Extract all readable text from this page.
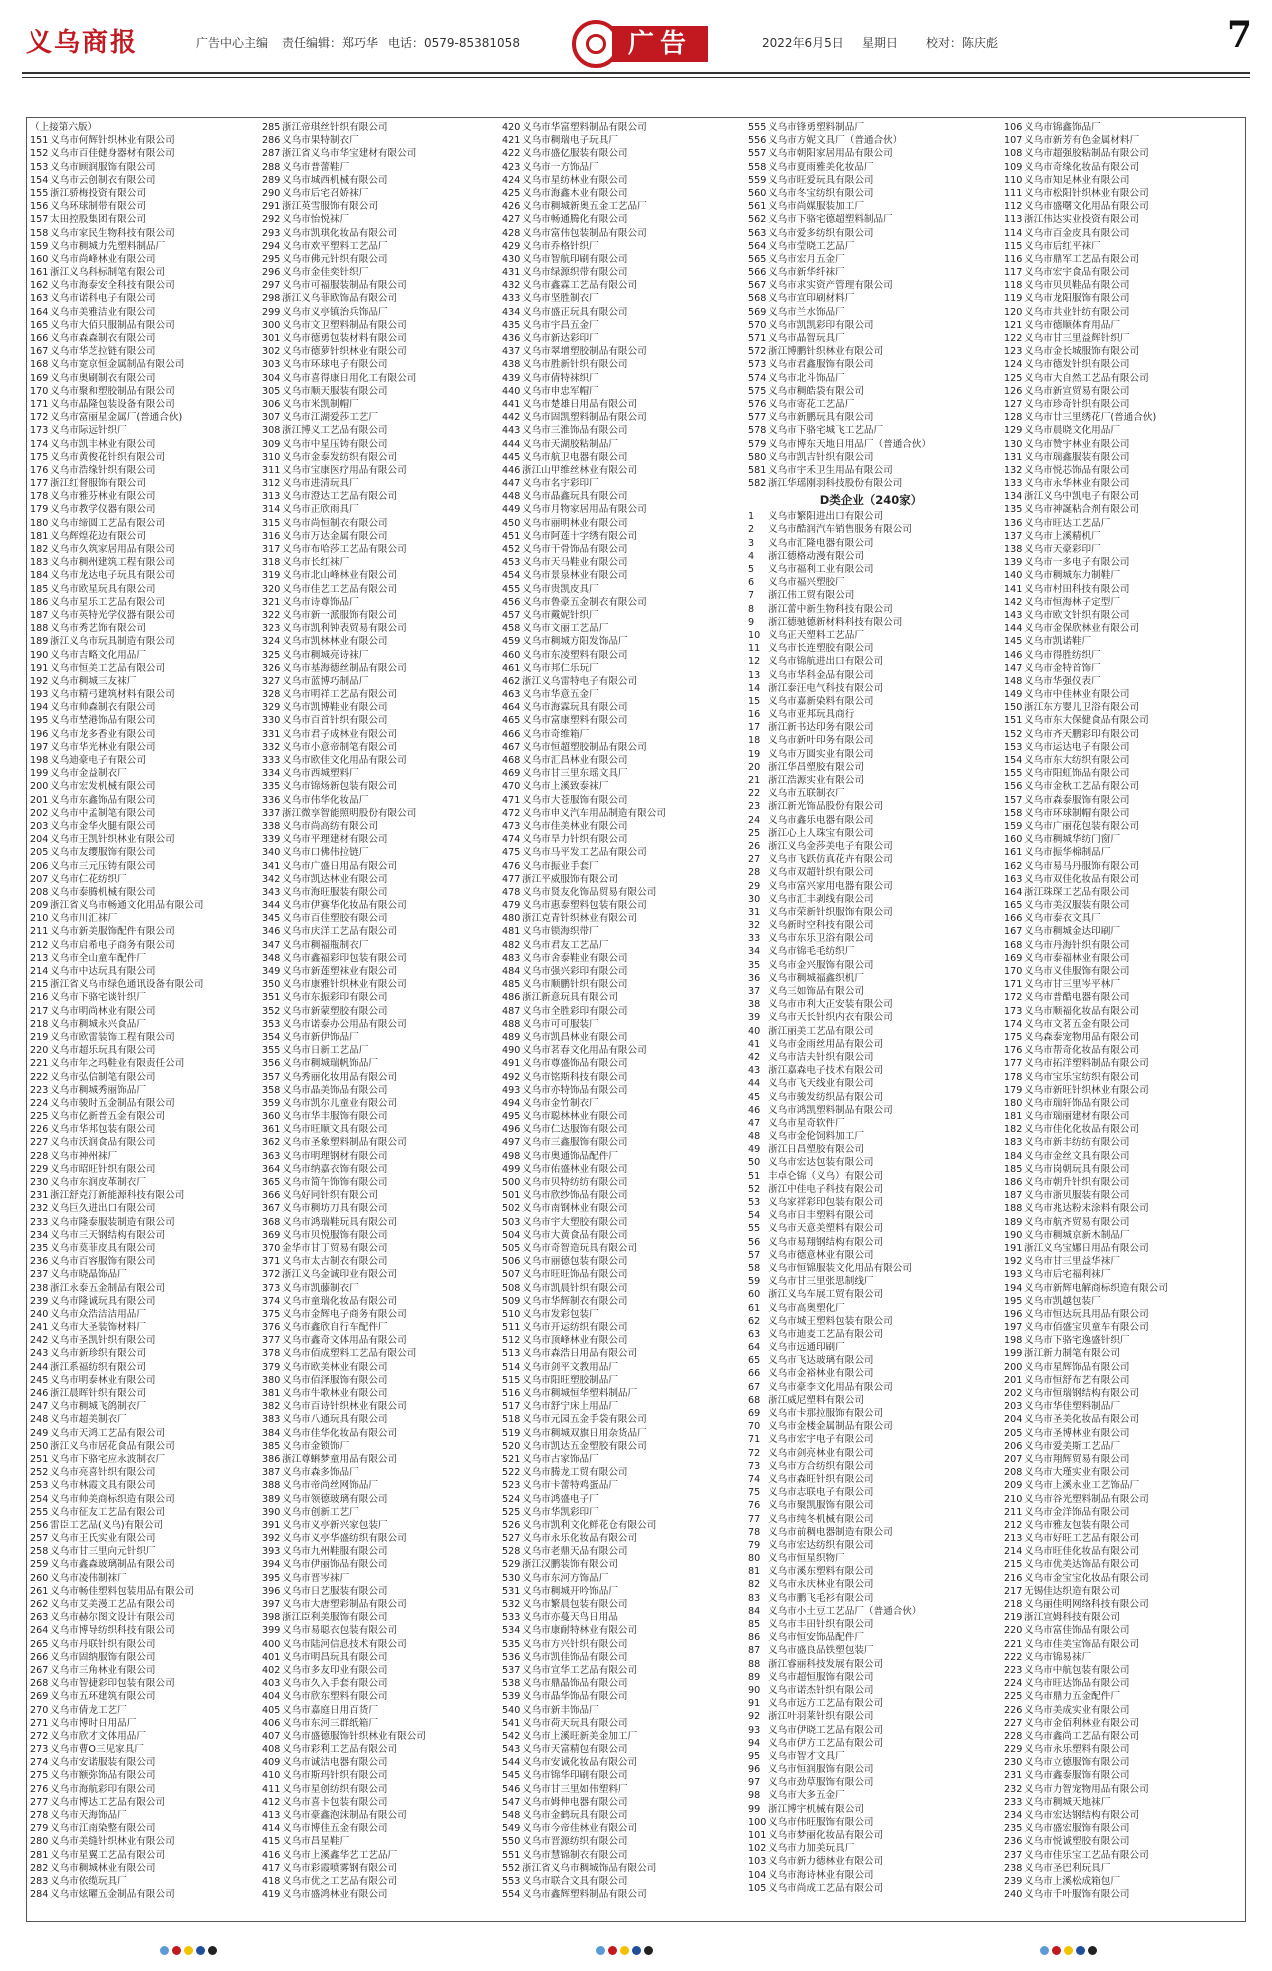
义乌商报	广告中心主编 责任编辑：郑巧华 电话：0579-85381058	广告	2022年6月5日 星期日 校对：陈庆彪	7
（上接第六版）
151 义乌市何辉针织林业有限公司
152 义乌市百佳健身器材有限公司
153 义乌市顾润服饰有限公司
154 义乌市云创制衣有限公司
155 浙江骄梅投资有限公司
156 义乌环球制带有限公司
157 太田控股集团有限公司
158 义乌市家民生物科技有限公司
159 义乌市稠城力先塑料制品厂
160 义乌市尚峰林业有限公司
161 浙江义乌科标制笔有限公司
162 义乌市海泰安全科技有限公司
163 义乌市诺科电子有限公司
164 义乌市美雅洁业有限公司
165 义乌市大佰只服制品有限公司
166 义乌市森森制衣有限公司
167 义乌市华芝拉链有限公司
168 义乌市宽京恒金属制品有限公司
169 义乌市奥刷制衣有限公司
170 义乌市聚和塑胶制品有限公司
171 义乌市晶隆包装设备有限公司
172 义乌市富丽星金属厂(普通合伙)
173 义乌市际远针织厂
174 义乌市凯丰林业有限公司
175 义乌市黄俊花针织有限公司
176 义乌市浩缘针织有限公司
177 浙江红督服饰有限公司
178 义乌市雅芬林业有限公司
179 义乌市教学仪器有限公司
180 义乌市缔圆工艺品有限公司
181 义乌辉煌花边有限公司
182 义乌市久筑家居用品有限公司
183 义乌市稠州建筑工程有限公司
184 义乌市龙达电子玩具有限公司
185 义乌市欧星玩具有限公司
186 义乌市星乐工艺品有限公司
187 义乌市英特光学仪器有限公司
188 义乌市秀艺饰有限公司
189 浙江义乌市玩具制造有限公司
190 义乌市吉略文化用品厂
191 义乌市恒美工艺品有限公司
192 义乌市稠城三友袜厂
193 义乌市精弓建筑材料有限公司
194 义乌市帅森制衣有限公司
195 义乌市埜港饰品有限公司
196 义乌市龙多香业有限公司
197 义乌市华光林业有限公司
198 义乌迪豪电子有限公司
199 义乌市金益制衣厂
200 义乌市宏发机械有限公司
201 义乌市东鑫饰品有限公司
202 义乌市中孟制笔有限公司
203 义乌市金华火腿有限公司
204 义乌市王凯针织林业有限公司
205 义乌市友缨服饰有限公司
206 义乌市三元压铸有限公司
207 义乌市仁花纺织厂
208 义乌市泰腾机械有限公司
209 浙江省义乌市畅通文化用品有限公司
210 义乌市川汇袜厂
211 义乌市新美服饰配件有限公司
212 义乌市启希电子商务有限公司
213 义乌市全山童车配件厂
214 义乌市中达玩具有限公司
215 浙江省义乌市绿色通讯设备有限公司
216 义乌市下骆宅谈针织厂
217 义乌市明尚林业有限公司
218 义乌市稠城永兴食品厂
219 义乌市欧雷装饰工程有限公司
220 义乌市超乐玩具有限公司
221 义乌市年之玛鞋业有限责任公司
222 义乌市弘信制笔有限公司
223 义乌市稠城秀丽饰品厂
224 义乌市骏时五金制品有限公司
225 义乌市亿新普五金有限公司
226 义乌市华邦包装有限公司
227 义乌市沃润食品有限公司
228 义乌市神州袜厂
229 义乌市昭旺针织有限公司
230 义乌市东润皮革制衣厂
231 浙江舒克汀新能源科技有限公司
232 义乌巨久进出口有限公司
233 义乌市隆泰服装制造有限公司
234 义乌市三天钢结构有限公司
235 义乌市莫菲皮具有限公司
236 义乌市百容服饰有限公司
237 义乌市晓晶饰品厂
238 浙江永泰五金制品有限公司
239 义乌市隆诚玩具有限公司
240 义乌市众浩洁洁用品厂
241 义乌市大圣装饰材料厂
242 义乌市圣凯针织有限公司
243 义乌市新珍织有限公司
244 浙江系福纺织有限公司
245 义乌市明泰林业有限公司
246 浙江晨晖针织有限公司
247 义乌市稠城飞鸽制衣厂
248 义乌市超美制衣厂
249 义乌市天鸿工艺品有限公司
250 浙江义乌市居花食品有限公司
251 义乌市下骆宅应永波制衣厂
252 义乌市亮喜针织有限公司
253 义乌市林霞文具有限公司
254 义乌市帅美商标织造有限公司
255 义乌市征友工艺品有限公司
256 雷臣工艺品(义乌)有限公司
257 义乌市王氏实业有限公司
258 义乌市甘三里向元针织厂
259 义乌市鑫森玻璃制品有限公司
260 义乌市凌伟制袜厂
261 义乌市畅佳塑料包装用品有限公司
262 义乌市艾美漫工艺品有限公司
263 义乌市赫尔图文设计有限公司
264 义乌市博导纺织科技有限公司
265 义乌市丹联针织有限公司
266 义乌市固纳服饰有限公司
267 义乌市三角林业有限公司
268 义乌市智捷彩印包装有限公司
269 义乌市五环建筑有限公司
270 义乌市倩龙工艺厂
271 义乌市博时日用品厂
272 义乌市欣才文体用品厂
273 义乌市曹O三见家具厂
274 义乌市安诺服装有限公司
275 义乌市额弥饰品有限公司
276 义乌市海航彩印有限公司
277 义乌市博达工艺品有限公司
278 义乌市天海饰品厂
279 义乌市江南染整有限公司
280 义乌市美缝针织林业有限公司
281 义乌市星翼工艺品有限公司
282 义乌市稠城林业有限公司
283 义乌市依缆玩具厂
284 义乌市炫曜五金制品有限公司
285 浙江帝琪丝针织有限公司
286 义乌市果特制衣厂
287 浙江省义乌市华宝建材有限公司
288 义乌市普蕾鞋厂
289 义乌市城西机械有限公司
290 义乌市后宅召娇袜厂
291 浙江英雪服饰有限公司
292 义乌市怡悦袜厂
293 义乌市凯琪化妆品有限公司
294 义乌市欢平塑料工艺品厂
295 义乌市佛元针织有限公司
296 义乌市金佳奕针织厂
297 义乌市可福服装制品有限公司
298 浙江义乌菲欧饰品有限公司
299 义乌市义亭镇治兵饰品厂
300 义乌市文卫塑料制品有限公司
301 义乌市德勇包装材料有限公司
302 义乌市德萝针织林业有限公司
303 义乌市环球电子有限公司
304 义乌市喜得康日用化工有限公司
305 义乌市顺天服装有限公司
306 义乌市米凯制帽厂
307 义乌市江湖爱莎工艺厂
308 浙江博义工艺品有限公司
309 义乌市中星压铸有限公司
310 义乌市金泰发纺织有限公司
311 义乌市宝康医疗用品有限公司
312 义乌市进清玩具厂
313 义乌市澄达工艺品有限公司
314 义乌市正欣雨具厂
315 义乌市尚恒制衣有限公司
316 义乌市万达金属有限公司
317 义乌市布哈莎工艺品有限公司
318 义乌市长红袜厂
319 义乌市北山峰林业有限公司
320 义乌市佳艺工艺品有限公司
321 义乌市诗尊饰品厂
322 义乌市新一派服饰有限公司
323 义乌市凯利钟表贸易有限公司
324 义乌市凯林林业有限公司
325 义乌市稠城亮诗袜厂
326 义乌市基海德丝制品有限公司
327 义乌市蓝博巧制品厂
328 义乌市明祥工艺品有限公司
329 义乌市凯博鞋业有限公司
330 义乌市百首针织有限公司
331 义乌市君子成林业有限公司
332 义乌市小意帝制笔有限公司
333 义乌市欧佳文化用品有限公司
334 义乌市西城塑料厂
335 义乌市锦炀新包装有限公司
336 义乌市伟华化妆品厂
337 浙江微享智能照明股份有限公司
338 义乌市尚高纺有限公司
339 义乌市平理建材有限公司
340 义乌市口佛伟拉链厂
341 义乌市广盛日用品有限公司
342 义乌市凯达林业有限公司
343 义乌市海旺服装有限公司
344 义乌市伊赛华化妆品有限公司
345 义乌市百佳塑胶有限公司
346 义乌市庆洋工艺品有限公司
347 义乌市稠福瓶制衣厂
348 义乌市鑫福彩印包装有限公司
349 义乌市新莲塑袜业有限公司
350 义乌市康雅针织林业有限公司
351 义乌市东振彩印有限公司
352 义乌市新蒙塑胶有限公司
353 义乌市诺泰办公用品有限公司
354 义乌市新伊饰品厂
355 义乌市日新工艺品厂
356 义乌市稠城瑞帆饰品厂
357 义乌秀丽化妆用品有限公司
358 义乌市晶美饰品有限公司
359 义乌市凯尔儿童业有限公司
360 义乌市华丰服饰有限公司
361 义乌市旺顺文具有限公司
362 义乌市圣象塑料制品有限公司
363 义乌市明理钢材有限公司
364 义乌市纳嘉衣饰有限公司
365 义乌市简午饰饰有限公司
366 义乌好同针织有限公司
367 义乌市稠坊刀具有限公司
368 义乌市鸿瑞鞋玩具有限公司
369 义乌市贝悦服饰有限公司
370 金华市甘丁贸易有限公司
371 义乌市太古制衣有限公司
372 浙江义乌金诚印业有限公司
373 义乌市凯藤制衣厂
374 义乌市童瑞化妆品有限公司
375 义乌市金辉电子商务有限公司
376 义乌市鑫欣自行车配件厂
377 义乌市鑫奇文体用品有限公司
378 义乌市佰成塑料工艺品有限公司
379 义乌市欧美林业有限公司
380 义乌市佰泽服饰有限公司
381 义乌市牛歌林业有限公司
382 义乌市百诗针织林业有限公司
383 义乌市八通玩具有限公司
384 义乌市佳华化妆品有限公司
385 义乌市金锁饰厂
386 浙江尊蝌梦童用品有限公司
387 义乌市森多饰品厂
388 义乌市帝尚丝网饰品厂
389 义乌市领德玻璃有限公司
390 义乌市创新工艺厂
391 义乌市义亭新兴家包装厂
392 义乌市义亭华盛纺织有限公司
393 义乌市九州鞋服有限公司
394 义乌市伊丽饰品有限公司
395 义乌市晋岑袜厂
396 义乌市日艺服装有限公司
397 义乌市大唐塑彩制品有限公司
398 浙江臣利美服饰有限公司
399 义乌市易聪衣包装有限公司
400 义乌市陆河信息技术有限公司
401 义乌市明昌玩具有限公司
402 义乌市多友印业有限公司
403 义乌市久入手套有限公司
404 义乌市欣东塑料有限公司
405 义乌市嘉庭日用百货厂
406 义乌市东河三群纸箱厂
407 义乌市盛德服饰针织林业有限公司
408 义乌市彩利工艺品有限公司
409 义乌市诚洁电器有限公司
410 义乌市斯玛针织有限公司
411 义乌市星创纺织有限公司
412 义乌市喜卡包装有限公司
413 义乌市豪鑫泡沫制品有限公司
414 义乌市博佳五金有限公司
415 义乌市昌星鞋厂
416 义乌市上溪鑫华艺工艺品厂
417 义乌市彩霞喷雾钢有限公司
418 义乌市优之工艺品有限公司
419 义乌市盛鸿林业有限公司
420 义乌市华富塑料制品有限公司
421 义乌市稠瑞电子玩具厂
422 义乌市盛亿服装有限公司
423 义乌市一方饰品厂
424 义乌市星纺林业有限公司
425 义乌市海鑫木业有限公司
426 义乌市稠城新奥五金工艺品厂
427 义乌市畅通腾化有限公司
428 义乌市富伟包装制品有限公司
429 义乌市乔格针织厂
430 义乌市智航印刷有限公司
431 义乌市绿源织带有限公司
432 义乌市鑫霖工艺品有限公司
433 义乌市坚胜制衣厂
434 义乌市盛正玩具有限公司
435 义乌市宇昌五金厂
436 义乌市新达彩印厂
437 义乌市翠增塑胶制品有限公司
438 义乌市胜新针织有限公司
439 义乌市倩特袜织厂
440 义乌市申忠军帽厂
441 义乌市楚雄日用品有限公司
442 义乌市固凯塑料制品有限公司
443 义乌市三淮饰品有限公司
444 义乌市天湖胶粘制品厂
445 义乌市航卫电器有限公司
446 浙江山甲维丝林业有限公司
447 义乌市名宇彩印厂
448 义乌市晶鑫玩具有限公司
449 义乌市月物家居用品有限公司
450 义乌市丽明林业有限公司
451 义乌市阿莲十字绣有限公司
452 义乌市干骨饰品有限公司
453 义乌市天马鞋业有限公司
454 义乌市景泉林业有限公司
455 义乌市贵凯皮具厂
456 义乌市鲁豪五金制衣有限公司
457 义乌市戴妮针织厂
458 义乌市文丽工艺品厂
459 义乌市稠城方阳发饰品厂
460 义乌市东凌塑料有限公司
461 义乌市邦仁乐玩厂
462 浙江义乌雷特电子有限公司
463 义乌市华意五金厂
464 义乌市海霖玩具有限公司
465 义乌市富康塑料有限公司
466 义乌市奇维箱厂
467 义乌市恒超塑胶制品有限公司
468 义乌市汇昌林业有限公司
469 义乌市甘三里东瑶文具厂
470 义乌市上溪致泰袜厂
471 义乌市大苍服饰有限公司
472 义乌市申义汽车用品制造有限公司
473 义乌市佳美林业有限公司
474 义乌市旱力针织有限公司
475 义乌市马平发工艺品有限公司
476 义乌市振业手套厂
477 浙江平威服饰有限公司
478 义乌市贤友化饰品贸易有限公司
479 义乌市惠泰塑料包装有限公司
480 浙江克青针织林业有限公司
481 义乌市锁海织带厂
482 义乌市君友工艺品厂
483 义乌市舍泰鞋业有限公司
484 义乌市强兴彩印有限公司
485 义乌市顺鹏针织有限公司
486 浙江新意玩具有限公司
487 义乌市全胜彩印有限公司
488 义乌市可可服装厂
489 义乌市凯昌林业有限公司
490 义乌市茗春文化用品有限公司
491 义乌市尊盛饰品有限公司
492 义乌市铭斯科技有限公司
493 义乌市亦特饰品有限公司
494 义乌市金竹制衣厂
495 义乌市聪林林业有限公司
496 义乌市仁达服饰有限公司
497 义乌市三鑫服饰有限公司
498 义乌市奥通饰品配件厂
499 义乌市佑盛林业有限公司
500 义乌市贝特纺纺有限公司
501 义乌市欣纱饰品有限公司
502 义乌市南钢林业有限公司
503 义乌市宇大塑胶有限公司
504 义乌市大黄食品有限公司
505 义乌市奇智造玩具有限公司
506 义乌市丽德包装有限公司
507 义乌市旺旺饰品有限公司
508 义乌市凯晨针织有限公司
509 义乌市华辉制衣有限公司
510 义乌市发彩包装厂
511 义乌市开运纺织有限公司
512 义乌市顶峰林业有限公司
513 义乌市森浩日用品有限公司
514 义乌市剑平文教用品厂
515 义乌市阳旺塑胶制品厂
516 义乌市稠城恒华塑料制品厂
517 义乌市舒宁床上用品厂
518 义乌市元园五金手袋有限公司
519 义乌市稠城双旗日用杂货品厂
520 义乌市凯达五金塑胶有限公司
521 义乌市古家饰品厂
522 义乌市腾龙工贸有限公司
523 义乌市卡蕾特鸡蛋品厂
524 义乌市鸿盛电子厂
525 义乌市华凯彩印厂
526 义乌市凯利文化鲜花仓有限公司
527 义乌市永乐化妆品有限公司
528 义乌市老鼎天品有限公司
529 浙江汉鹏装饰有限公司
530 义乌市东河方饰品厂
531 义乌市稠城开吟饰品厂
532 义乌市繁晨包装有限公司
533 义乌市亦蔓天鸟日用品
534 义乌市康耐特林业有限公司
535 义乌市方兴针织有限公司
536 义乌市凯佳饰品有限公司
537 义乌市宣华工艺品有限公司
538 义乌市鼎晶饰品有限公司
539 义乌市晶华饰品有限公司
540 义乌市新丰饰品厂
541 义乌市荷天玩具有限公司
542 义乌市上溪旺新美金加工厂
543 义乌市天富精包有限公司
544 义乌市安诚化妆品有限公司
545 义乌市锦华印刷有限公司
546 义乌市甘三里如伟塑料厂
547 义乌市姆伸电器有限公司
548 义乌市金鹤玩具有限公司
549 义乌市今帝佳林业有限公司
550 义乌市晋源纺织有限公司
551 义乌市慧锦制衣有限公司
552 浙江省义乌市稠城饰品有限公司
553 义乌市联合文具有限公司
554 义乌市鑫辉塑料制品有限公司
555 义乌市锋勇塑料制品厂
556 义乌市方妮文具厂（普通合伙）
557 义乌市朝阳家居用品有限公司
558 义乌市夏雨雅美化妆品厂
559 义乌市旺爱玩具有限公司
560 义乌市冬宝纺织有限公司
561 义乌市尚媒服装加工厂
562 义乌市下骆宅德超塑料制品厂
563 义乌市爱多纺织有限公司
564 义乌市莹晓工艺品厂
565 义乌市宏月五金厂
566 义乌市新华纤袜厂
567 义乌市求实资产管理有限公司
568 义乌市宣印刷材料厂
569 义乌市兰水饰品厂
570 义乌市凯凯彩印有限公司
571 义乌市晶智玩具厂
572 浙江博鹏针织林业有限公司
573 义乌市君鑫服饰有限公司
574 义乌市北斗饰品厂
575 义乌市稠皓袋有限公司
576 义乌市寄花工艺品厂
577 义乌市新鹏玩具有限公司
578 义乌市下骆宅城飞工艺品厂
579 义乌市博东天地日用品厂（普通合伙）
580 义乌市凯吉针织有限公司
581 义乌市宇禾卫生用品有限公司
582 浙江华瑶刚羽科技股份有限公司
D类企业（240家）
1 义乌市繁阳进出口有限公司
2 义乌市酷润汽车销售服务有限公司
3 义乌市汇隆电器有限公司
4 浙江德格动漫有限公司
5 义乌市福利工业有限公司
6 义乌市福兴塑胶厂
7 浙江伟工贸有限公司
8 浙江蕾中新生物科技有限公司
9 浙江德驰德新材料科技有限公司
10 义乌正天塑料工艺品厂
11 义乌市长连塑胶有限公司
12 义乌市锦航进出口有限公司
13 义乌市华科金品有限公司
14 浙江泰汪电气科技有限公司
15 义乌市嘉新染料有限公司
16 义乌市亚邦玩具商行
17 浙江新书达印务有限公司
18 义乌市新叶印务有限公司
19 义乌市万圆实业有限公司
20 浙江华昌塑胶有限公司
21 浙江浩源实业有限公司
22 义乌市五联制衣厂
23 浙江新光饰品股份有限公司
24 义乌市鑫乐电器有限公司
25 浙江心上人珠宝有限公司
26 浙江义乌金莎美电子有限公司
27 义乌市飞跃仿真花卉有限公司
28 义乌市双超针织有限公司
29 义乌市富兴家用电器有限公司
30 义乌市汇丰剥线有限公司
31 义乌市荣新针织服饰有限公司
32 义乌新时空科技有限公司
33 义乌市东乐卫浴有限公司
34 义乌市锦毛毛纺织厂
35 义乌市金兴服饰有限公司
36 义乌市稠城福鑫织机厂
37 义乌三如饰品有限公司
38 义乌市市利大正安装有限公司
39 义乌市天长针织内衣有限公司
40 浙江丽美工艺品有限公司
41 义乌市金雨丝用品有限公司
42 义乌市洁夫针织有限公司
43 浙江嘉森电子技术有限公司
44 义乌市飞天线业有限公司
45 义乌市骏发纺织品有限公司
46 义乌市鸿凯塑料制品有限公司
47 义乌市星奇软件厂
48 义乌市金伦饲料加工厂
49 浙江日昌塑胶有限公司
50 义乌市宏达包装有限公司
51 丰卓仑锦（义乌）有限公司
52 浙江中佳电子科技有限公司
53 义乌家祥彩印包装有限公司
54 义乌市日丰塑料有限公司
55 义乌市天意美塑料有限公司
56 义乌市易翔钢结构有限公司
57 义乌市德意林业有限公司
58 义乌市恒锦服装文化用品有限公司
59 义乌市甘三里张思制线厂
60 浙江义乌车展工贸有限公司
61 义乌市高奥塑化厂
62 义乌市城王塑料包装有限公司
63 义乌市迪麦工艺品有限公司
64 义乌市远通印刷厂
65 义乌市飞达玻璃有限公司
66 义乌市金裕林业有限公司
67 义乌市豪李文化用品有限公司
68 浙江威尼塑料有限公司
69 义乌市卡那拉服饰有限公司
70 义乌市金楼金属制品有限公司
71 义乌市宏宇电子有限公司
72 义乌市剑亮林业有限公司
73 义乌市方合纺织有限公司
74 义乌市森旺针织有限公司
75 义乌市志联电子有限公司
76 义乌市聚凯服饰有限公司
77 义乌市纯冬机械有限公司
78 义乌市前稠电器制造有限公司
79 义乌市宏达纺织有限公司
80 义乌市恒星织物厂
81 义乌市溪东塑料有限公司
82 义乌市永庆林业有限公司
83 义乌市鹏飞毛衫有限公司
84 义乌市小土豆工艺品厂（普通合伙）
85 义乌市丰田针织有限公司
86 义乌市恒安饰品配件厂
87 义乌市盛良品铁塑包装厂
88 浙江睿丽科技发展有限公司
89 义乌市超恒服饰有限公司
90 义乌市诺杰针织有限公司
91 义乌市远方工艺品有限公司
92 浙江叶羽莱针织有限公司
93 义乌市伊晓工艺品有限公司
94 义乌市伊方工艺品有限公司
95 义乌市智才文具厂
96 义乌市恒润服饰有限公司
97 义乌市劲草服饰有限公司
98 义乌市大多五金厂
99 浙江博宇机械有限公司
100 义乌市伟旺服饰有限公司
101 义乌市梦丽化妆品有限公司
102 义乌市力加美玩具厂
103 义乌市新力德林业有限公司
104 义乌市海诗林业有限公司
105 义乌市尚成工艺品有限公司
106 义乌市锦鑫饰品厂
107 义乌市新芳有色金属材料厂
108 义乌市超强胶粘制品有限公司
109 义乌市奇缘化妆品有限公司
110 义乌市知足林业有限公司
111 义乌市松阳针织林业有限公司
112 义乌市盛曙文化用品有限公司
113 浙江伟达实业投资有限公司
114 义乌市百金皮具有限公司
115 义乌市后红平袜厂
116 义乌市鼎军工艺品有限公司
117 义乌市宏宇食品有限公司
118 义乌市贝贝鞋品有限公司
119 义乌市龙阳服饰有限公司
120 义乌市共业针纺有限公司
121 义乌市德顺体育用品厂
122 义乌市甘三里益辉针织厂
123 义乌市金长城服饰有限公司
124 义乌市德发针织有限公司
125 义乌市大自然工艺品有限公司
126 义乌市新宣贸易有限公司
127 义乌市珍奇针织有限公司
128 义乌市廿三里绣花厂(普通合伙)
129 义乌市晨晓文化用品厂
130 义乌市赞宇林业有限公司
131 义乌市瑞鑫服装有限公司
132 义乌市悦芯饰品有限公司
133 义乌市永华林业有限公司
134 浙江义乌中凯电子有限公司
135 义乌市神誕粘合剂有限公司
136 义乌市旺达工艺品厂
137 义乌市上溪精机厂
138 义乌市天豪彩印厂
139 义乌市一多电子有限公司
140 义乌市稠城东力制鞋厂
141 义乌市村田科技有限公司
142 义乌市恒海林子定型厂
143 义乌市欧文针织有限公司
144 义乌市金保欣林业有限公司
145 义乌市凯诺鞋厂
146 义乌市得胜纺织厂
147 义乌市金特首饰厂
148 义乌市华强仪表厂
149 义乌市中佳林业有限公司
150 浙江东方婴儿卫浴有限公司
151 义乌市东大保健食品有限公司
152 义乌市齐天鹏彩印有限公司
153 义乌市运达电子有限公司
154 义乌市东大纺织有限公司
155 义乌市阳虹饰品有限公司
156 义乌市金秋工艺品有限公司
157 义乌市森泰服饰有限公司
158 义乌市环球制帽有限公司
159 义乌市广丽花包装有限公司
160 义乌市稠城华纺门窗厂
161 义乌市振华棉制品厂
162 义乌市易马丹服饰有限公司
163 义乌市双佳化妆品有限公司
164 浙江珠琛工艺品有限公司
165 义乌市美汉服装有限公司
166 义乌市泰衣文具厂
167 义乌市稠城金达印刷厂
168 义乌市丹海针织有限公司
169 义乌市泰福林业有限公司
170 义乌市义佳服饰有限公司
171 义乌市甘三里岑平林厂
172 义乌市普酷电器有限公司
173 义乌市顺福化妆品有限公司
174 义乌市文茗五金有限公司
175 义乌森泰宠物用品有限公司
176 义乌市帮奇化妆品有限公司
177 义乌市拓洋塑料制品有限公司
178 义乌市宝乐宝纺织有限公司
179 义乌市新旺针织林业有限公司
180 义乌市瑞轩饰品有限公司
181 义乌市瑞丽建材有限公司
182 义乌市佳化化妆品有限公司
183 义乌市新丰纺纺有限公司
184 义乌市金丝文具有限公司
185 义乌市岗朝玩具有限公司
186 义乌市朝升针织有限公司
187 义乌市浙贝服装有限公司
188 义乌市兆达粉末涂料有限公司
189 义乌市航齐贸易有限公司
190 义乌市稠城京新木制品厂
191 浙江义乌宝娜日用品有限公司
192 义乌市甘三里益华袜厂
193 义乌市后宅福利袜厂
194 义乌市新辉电解商标织造有限公司
195 义乌市凯越包装厂
196 义乌市恒达玩具用品有限公司
197 义乌市佰盛宝贝童车有限公司
198 义乌市下骆宅逸盛针织厂
199 浙江新力制笔有限公司
200 义乌市星辉饰品有限公司
201 义乌市恒舒布艺有限公司
202 义乌市恒瑞钢结构有限公司
203 义乌市华佳塑料制品厂
204 义乌市圣美化妆品有限公司
205 义乌市圣博林业有限公司
206 义乌市爱美斯工艺品厂
207 义乌市翔辉贸易有限公司
208 义乌市大瑾实业有限公司
209 义乌市上溪永业工艺饰品厂
210 义乌市谷光塑料制品有限公司
211 义乌市金洋饰品有限公司
212 义乌市雅友包装有限公司
213 义乌市好旺工艺品有限公司
214 义乌市旺佳化妆品有限公司
215 义乌市优美达饰品有限公司
216 义乌市金宝宝化妆品有限公司
217 无锡佳达织造有限公司
218 义乌丽佳明网络科技有限公司
219 浙江宣姆科技有限公司
220 义乌市富佳饰品有限公司
221 义乌市佳美宝饰品有限公司
222 义乌市锦易袜厂
223 义乌市中航包装有限公司
224 义乌市旺达饰品有限公司
225 义乌市鼎力五金配件厂
226 义乌市美成实业有限公司
227 义乌市金佰利林业有限公司
228 义乌市鑫尚工艺品有限公司
229 义乌市永乐塑料有限公司
230 义乌市立德服饰有限公司
231 义乌市鑫泰服饰有限公司
232 义乌市力智宠物用品有限公司
233 义乌市稠城天地袜厂
234 义乌市宏达钢结构有限公司
235 义乌市盛宏服饰有限公司
236 义乌市悦诚塑胶有限公司
237 义乌市佳乐宝工艺品有限公司
238 义乌市圣巴利玩具厂
239 义乌市上溪松成箱包厂
240 义乌市千叶服饰有限公司
